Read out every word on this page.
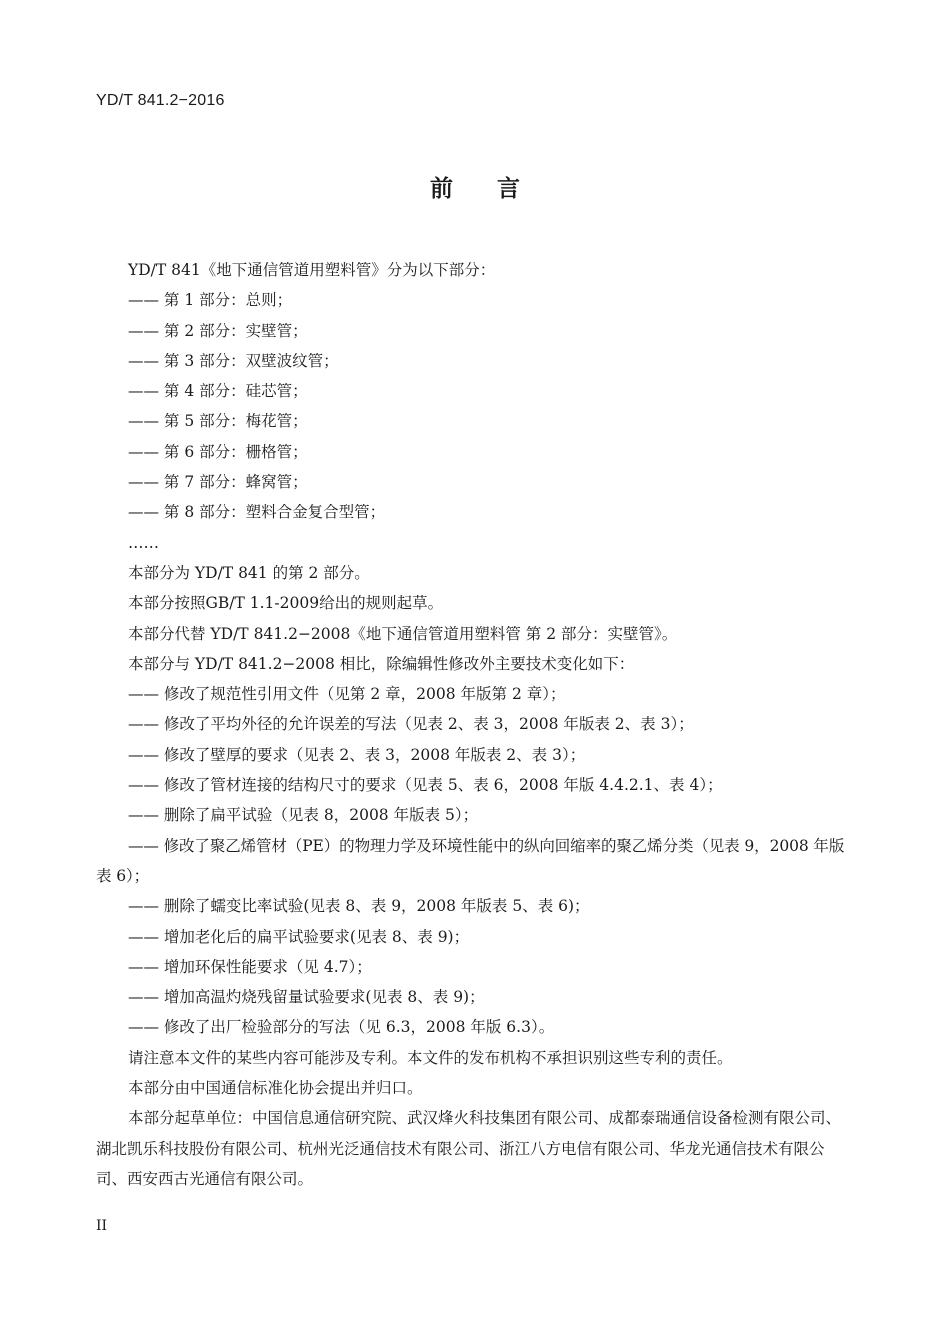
YD/T 841.2−2016
前言

YD/T 841《地下通信管道用塑料管》分为以下部分：

—— 第 1 部分：总则；

—— 第 2 部分：实壁管；

—— 第 3 部分：双壁波纹管；

—— 第 4 部分：硅芯管；

—— 第 5 部分：梅花管；

—— 第 6 部分：栅格管；

—— 第 7 部分：蜂窝管；

—— 第 8 部分：塑料合金复合型管；

……

本部分为 YD/T 841 的第 2 部分。

本部分按照GB/T 1.1-2009给出的规则起草。

本部分代替 YD/T 841.2−2008《地下通信管道用塑料管 第 2 部分：实壁管》。

本部分与 YD/T 841.2−2008 相比，除编辑性修改外主要技术变化如下：

—— 修改了规范性引用文件（见第 2 章，2008 年版第 2 章）；

—— 修改了平均外径的允许误差的写法（见表 2、表 3，2008 年版表 2、表 3）；

—— 修改了壁厚的要求（见表 2、表 3，2008 年版表 2、表 3）；

—— 修改了管材连接的结构尺寸的要求（见表 5、表 6，2008 年版 4.4.2.1、表 4）；

—— 删除了扁平试验（见表 8，2008 年版表 5）；

—— 修改了聚乙烯管材（PE）的物理力学及环境性能中的纵向回缩率的聚乙烯分类（见表 9，2008 年版表 6）；

—— 删除了蠕变比率试验(见表 8、表 9，2008 年版表 5、表 6)；

—— 增加老化后的扁平试验要求(见表 8、表 9)；

—— 增加环保性能要求（见 4.7）；

—— 增加高温灼烧残留量试验要求(见表 8、表 9)；

—— 修改了出厂检验部分的写法（见 6.3，2008 年版 6.3）。

请注意本文件的某些内容可能涉及专利。本文件的发布机构不承担识别这些专利的责任。

本部分由中国通信标准化协会提出并归口。

本部分起草单位：中国信息通信研究院、武汉烽火科技集团有限公司、成都泰瑞通信设备检测有限公司、湖北凯乐科技股份有限公司、杭州光泛通信技术有限公司、浙江八方电信有限公司、华龙光通信技术有限公司、西安西古光通信有限公司。

II
